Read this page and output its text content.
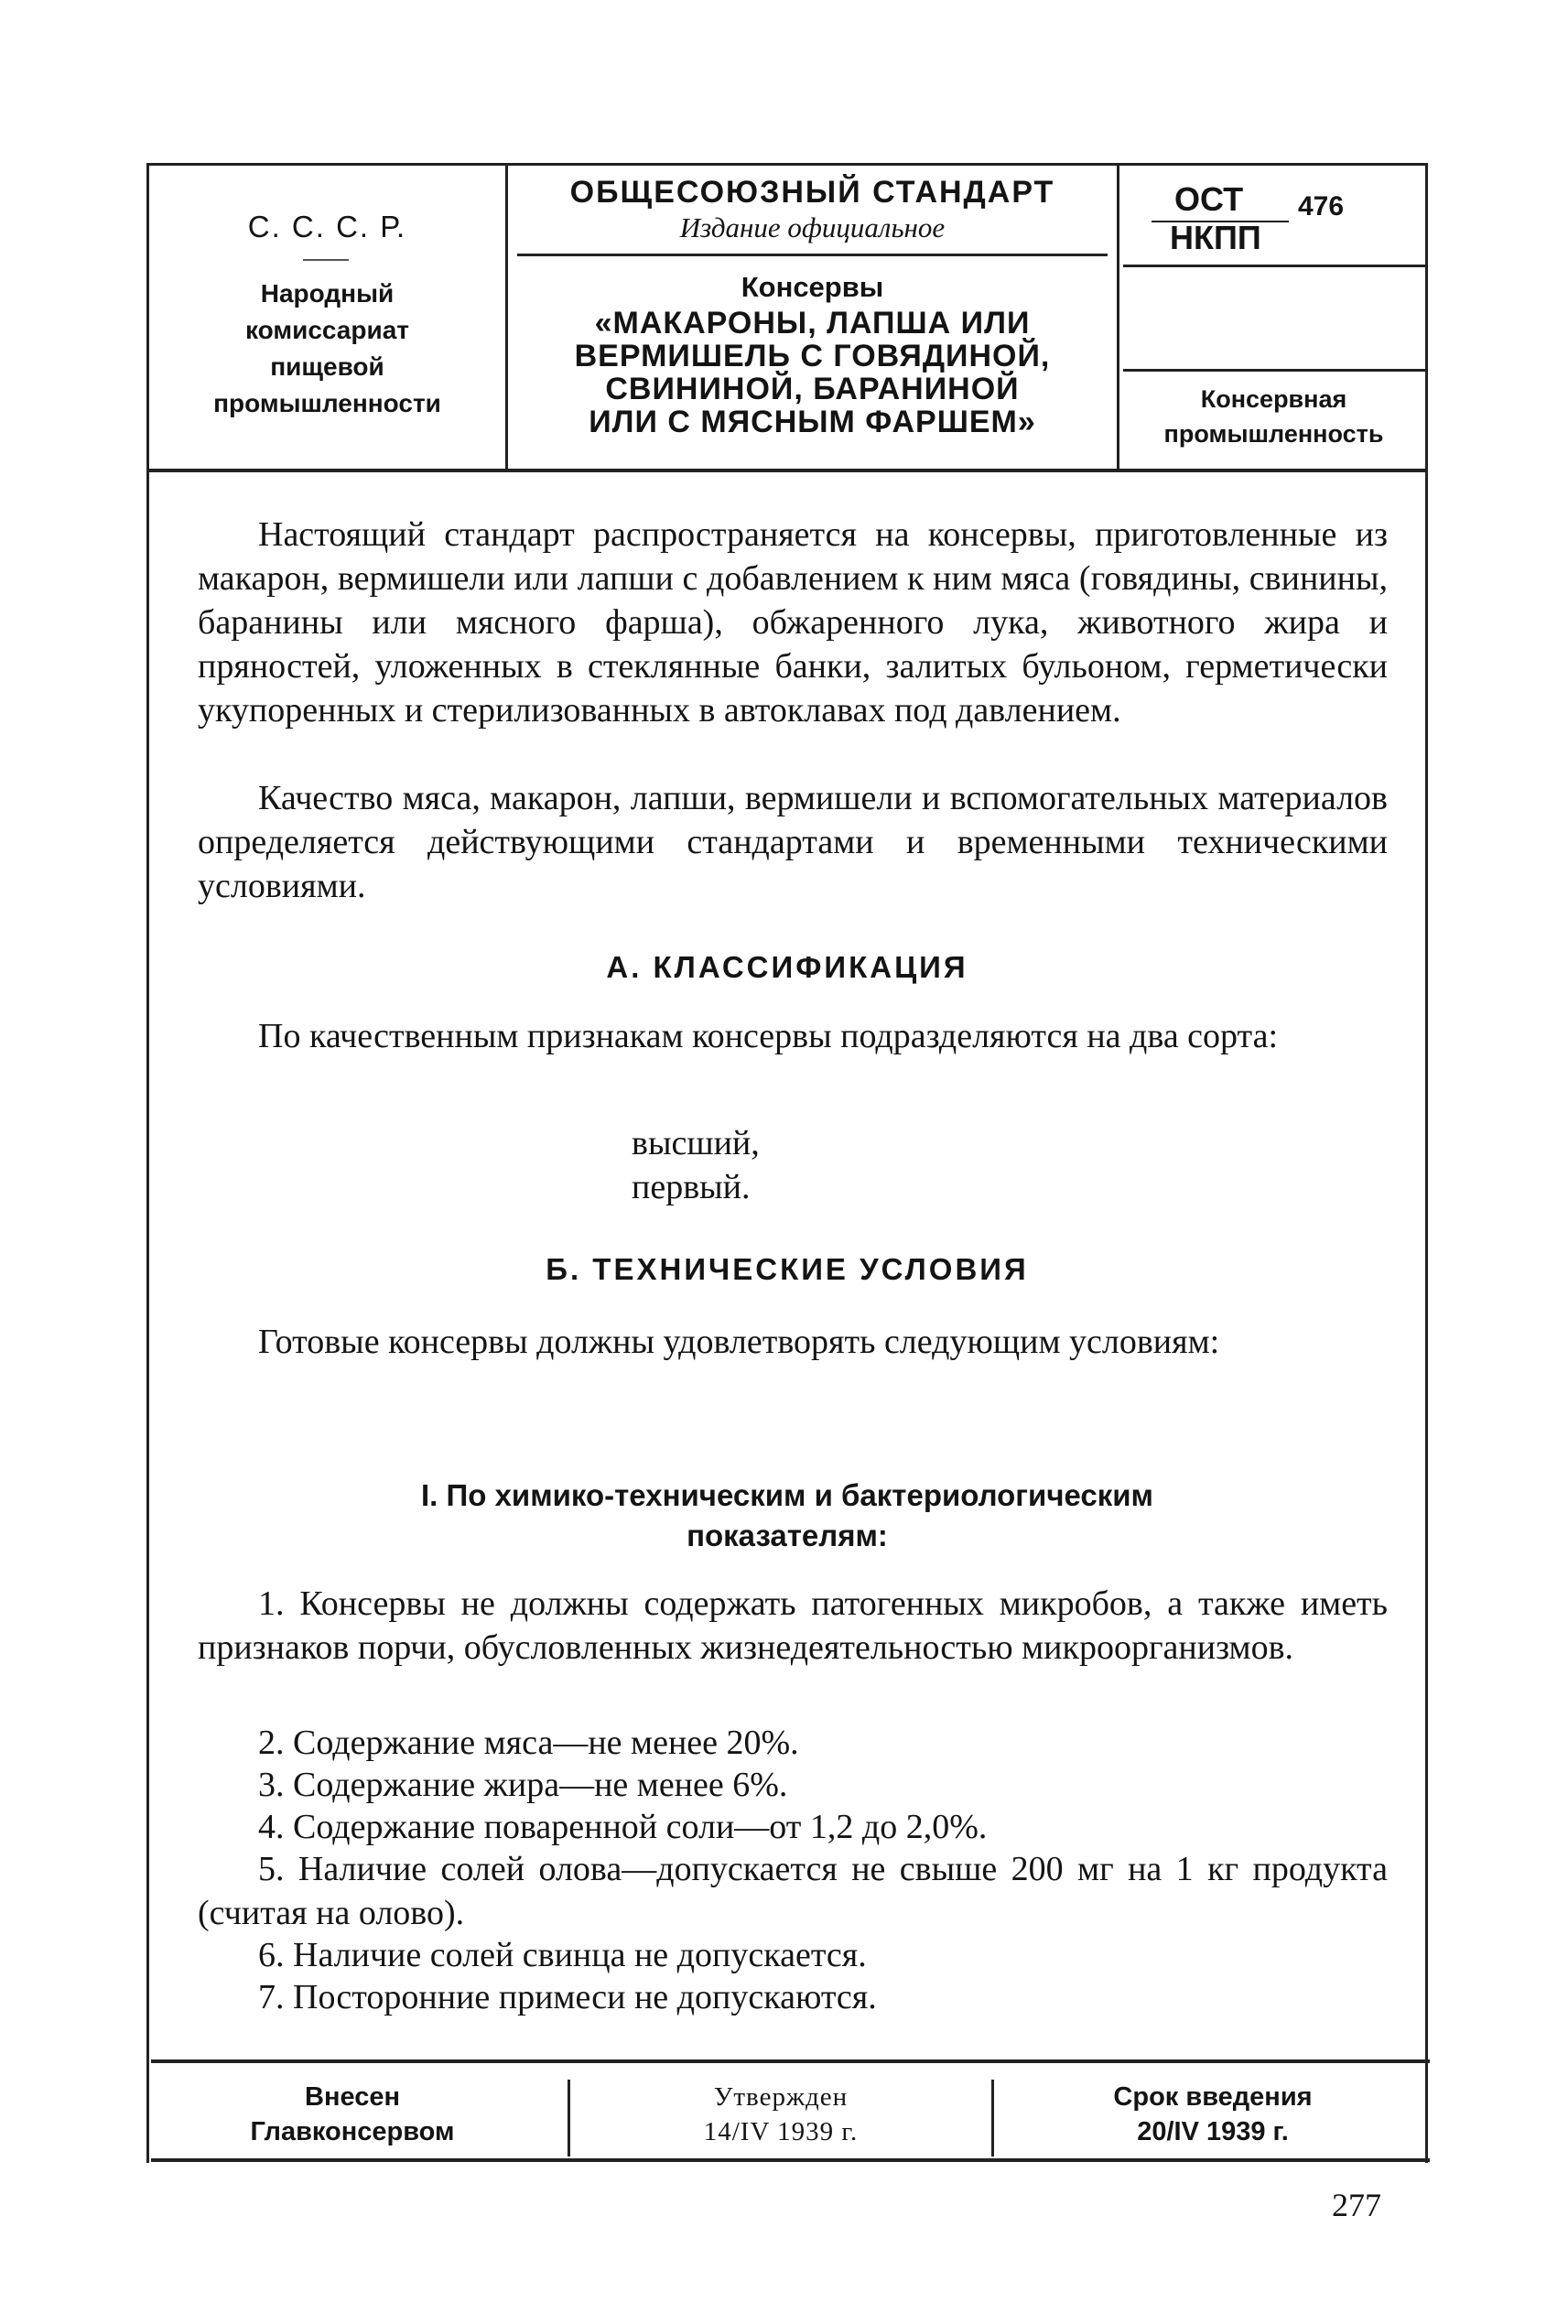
С. С. С. Р.
Народный
комиссариат
пищевой
промышленности
ОБЩЕСОЮЗНЫЙ СТАНДАРТ
Издание официальное
Консервы
«МАКАРОНЫ, ЛАПША ИЛИ
ВЕРМИШЕЛЬ С ГОВЯДИНОЙ,
СВИНИНОЙ, БАРАНИНОЙ
ИЛИ С МЯСНЫМ ФАРШЕМ»
ОСТ
НКПП
476
Консервная
промышленность
Настоящий стандарт распространяется на консервы, приготовленные из макарон, вермишели или лапши с добавлением к ним мяса (говядины, свинины, баранины или мясного фарша), обжаренного лука, животного жира и пряностей, уложенных в стеклянные банки, залитых бульоном, герметически укупоренных и стерилизованных в автоклавах под давлением.
Качество мяса, макарон, лапши, вермишели и вспомогательных материалов определяется действующими стандартами и временными техническими условиями.
А. КЛАССИФИКАЦИЯ
По качественным признакам консервы подразделяются на два сорта:
высший,
первый.
Б. ТЕХНИЧЕСКИЕ УСЛОВИЯ
Готовые консервы должны удовлетворять следующим условиям:
I. По химико-техническим и бактериологическим
показателям:
1. Консервы не должны содержать патогенных микробов, а также иметь признаков порчи, обусловленных жизнедеятельностью микроорганизмов.
2. Содержание мяса—не менее 20%.
3. Содержание жира—не менее 6%.
4. Содержание поваренной соли—от 1,2 до 2,0%.
5. Наличие солей олова—допускается не свыше 200 мг на 1 кг продукта (считая на олово).
6. Наличие солей свинца не допускается.
7. Посторонние примеси не допускаются.
Внесен
Главконсервом
Утвержден
14/IV 1939 г.
Срок введения
20/IV 1939 г.
277
